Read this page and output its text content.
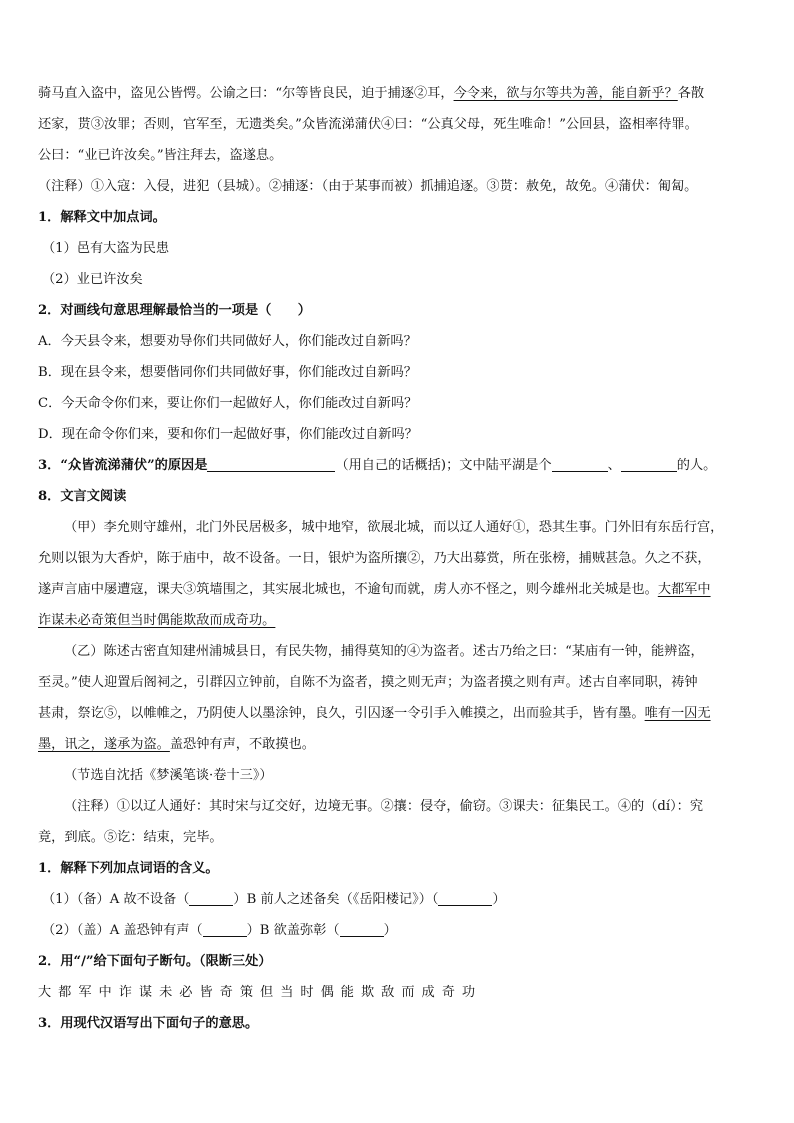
骑马直入盗中，盗见公皆愕。公谕之曰：“尔等皆良民，迫于捕逐②耳，今令来，欲与尔等共为善，能自新乎？各散
还家，贳③汝罪；否则，官军至，无遗类矣。”众皆流涕蒲伏④曰：“公真父母，死生唯命！”公回县，盗相率待罪。
公曰：“业已许汝矣。”皆注拜去，盗遂息。
（注释）①入寇：入侵，进犯（县城）。②捕逐：（由于某事而被）抓捕追逐。③贳：赦免，故免。④蒲伏：匍匐。
1．解释文中加点词。
（1）邑有大盗为民患
（2）业已许汝矣
2．对画线句意思理解最恰当的一项是（　　）
A．今天县令来，想要劝导你们共同做好人，你们能改过自新吗？
B．现在县令来，想要偕同你们共同做好事，你们能改过自新吗？
C．今天命令你们来，要让你们一起做好人，你们能改过自新吗？
D．现在命令你们来，要和你们一起做好事，你们能改过自新吗？
3．“众皆流涕蒲伏”的原因是	（用自己的话概括)；文中陆平湖是个	、	的人。
8．文言文阅读
（甲）李允则守雄州，北门外民居极多，城中地窄，欲展北城，而以辽人通好①，恐其生事。门外旧有东岳行宫，
允则以银为大香炉，陈于庙中，故不设备。一日，银炉为盗所攘②，乃大出募赏，所在张榜，捕贼甚急。久之不获，
遂声言庙中屡遭寇，课夫③筑墙围之，其实展北城也，不逾旬而就，虏人亦不怪之，则今雄州北关城是也。大都军中
诈谋未必奇策但当时偶能欺敌而成奇功。
（乙）陈述古密直知建州浦城县日，有民失物，捕得莫知的④为盗者。述古乃绐之曰：“某庙有一钟，能辨盗，
至灵。”使人迎置后阁祠之，引群囚立钟前，自陈不为盗者，摸之则无声；为盗者摸之则有声。述古自率同职，祷钟
甚肃，祭讫⑤，以帷帷之，乃阴使人以墨涂钟，良久，引囚逐一令引手入帷摸之，出而验其手，皆有墨。唯有一囚无
墨，讯之，遂承为盗。盖恐钟有声，不敢摸也。
（节选自沈括《梦溪笔谈·卷十三》）
（注释）①以辽人通好：其时宋与辽交好，边境无事。②攘：侵夺，偷窃。③课夫：征集民工。④的（dí）：究
竟，到底。⑤讫：结束，完毕。
1．解释下列加点词语的含义。
（1）（备）A 故不设备（	）B 前人之述备矣（《岳阳楼记》）（	）
（2）（盖）A 盖恐钟有声（	）B 欲盖弥彰（	）
2．用“/”给下面句子断句。（限断三处）
大都军中诈谋未必皆奇策但当时偶能欺敌而成奇功
3．用现代汉语写出下面句子的意思。
